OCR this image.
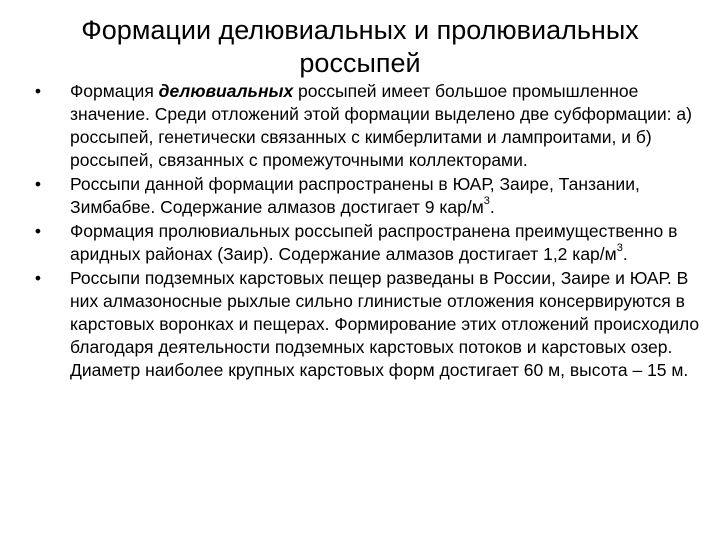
Формации делювиальных и пролювиальных
россыпей
•	Формация делювиальных россыпей имеет большое промышленное значение. Среди отложений этой формации выделено две субформации: а) россыпей, генетически связанных с кимберлитами и лампроитами, и б) россыпей, связанных с промежуточными коллекторами.
•	Россыпи данной формации распространены в ЮАР, Заире, Танзании, Зимбабве. Содержание алмазов достигает 9 кар/$м^3$.
•	Формация пролювиальных россыпей распространена преимущественно в аридных районах (Заир). Содержание алмазов достигает 1,2 кар/$м^3$.
•	Россыпи подземных карстовых пещер разведаны в России, Заире и ЮАР. В них алмазоносные рыхлые сильно глинистые отложения консервируются в карстовых воронках и пещерах. Формирование этих отложений происходило благодаря деятельности подземных карстовых потоков и карстовых озер. Диаметр наиболее крупных карстовых форм достигает 60 м, высота – 15 м.
